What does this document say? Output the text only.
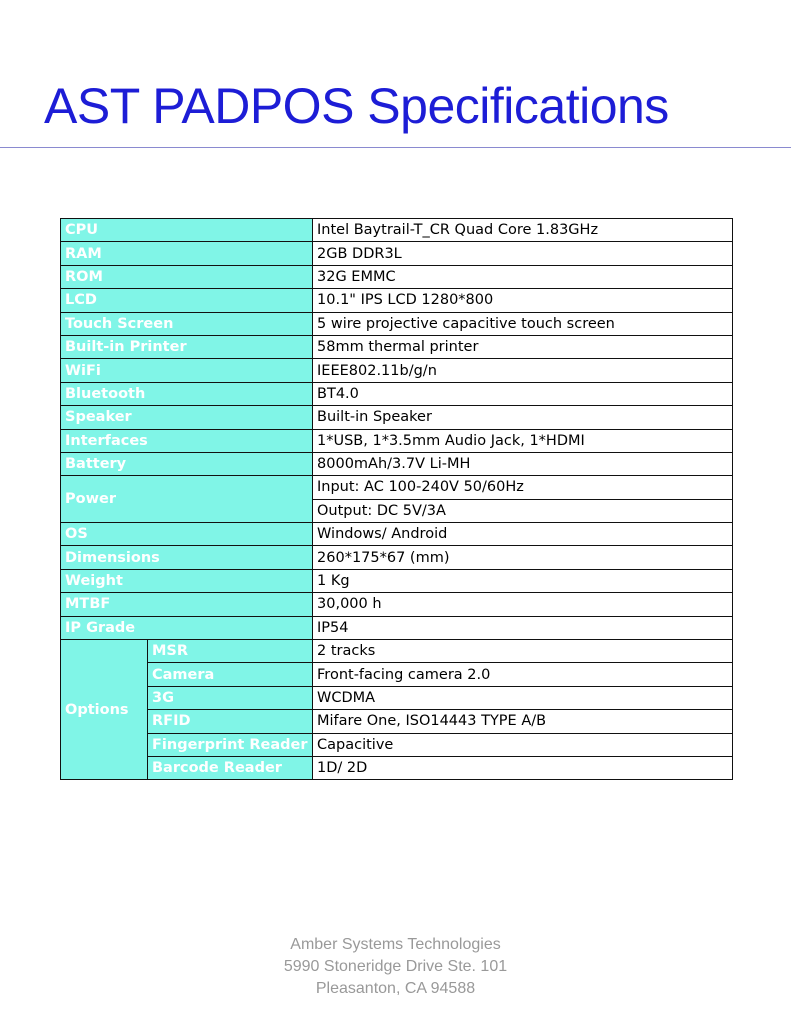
AST PADPOS Specifications
CPU		Intel Baytrail-T_CR Quad Core 1.83GHz
RAM		2GB DDR3L
ROM		32G EMMC
LCD		10.1" IPS LCD 1280*800
Touch Screen		5 wire projective capacitive touch screen
Built-in Printer		58mm thermal printer
WiFi		IEEE802.11b/g/n
Bluetooth		BT4.0
Speaker		Built-in Speaker
Interfaces		1*USB, 1*3.5mm Audio Jack, 1*HDMI
Battery		8000mAh/3.7V Li-MH
Power		Input: AC 100-240V 50/60Hz
		Output: DC 5V/3A
OS		Windows/ Android
Dimensions		260*175*67 (mm)
Weight		1 Kg
MTBF		30,000 h
IP Grade		IP54
Options	MSR	2 tracks
	Camera	Front-facing camera 2.0
	3G	WCDMA
	RFID	Mifare One, ISO14443 TYPE A/B
	Fingerprint Reader	Capacitive
	Barcode Reader	1D/ 2D
Amber Systems Technologies
5990 Stoneridge Drive Ste. 101
Pleasanton, CA 94588
